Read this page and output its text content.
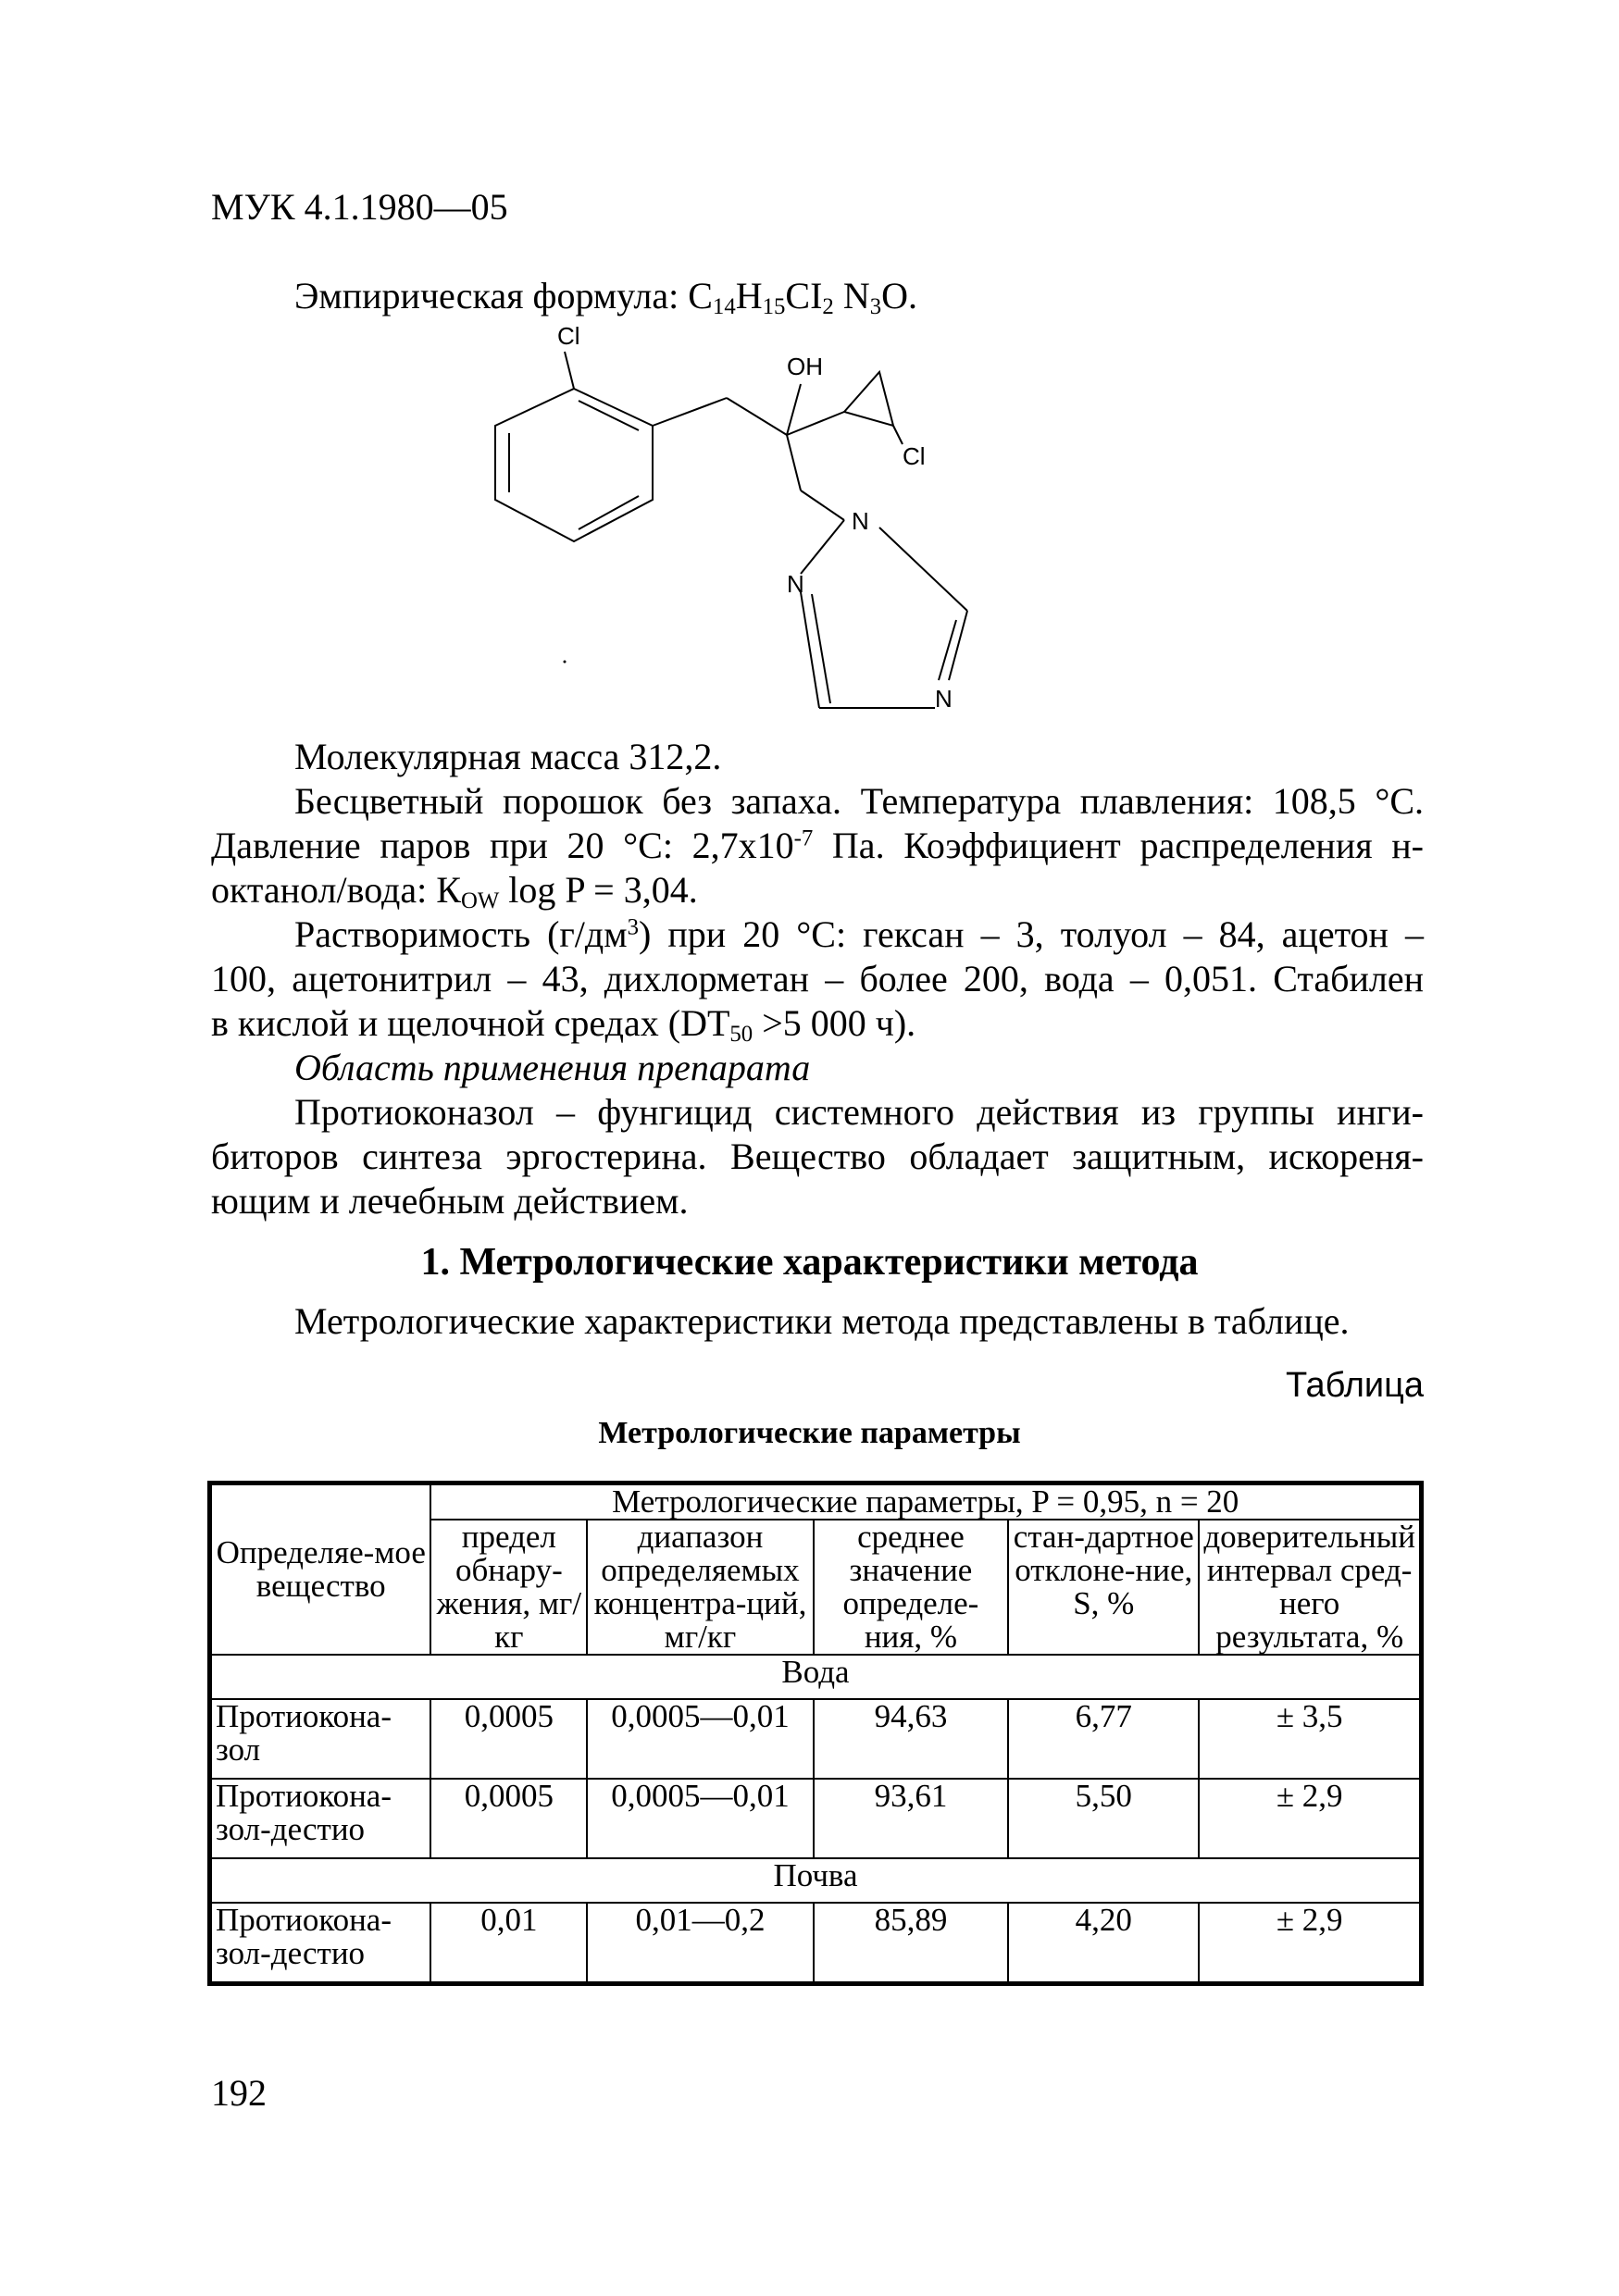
МУК 4.1.1980—05
Эмпирическая формула: $C_{14}H_{15}CI_2$ $N_3O$.
Cl
OH
Cl
N
N
N
Молекулярная масса 312,2.
Бесцветный порошок без запаха. Температура плавления: 108,5 °С.
Давление паров при 20 °С: $2,7х10^{-7}$ Па. Коэффициент распределения н-
октанол/вода: $К_{OW}$ log P = 3,04.
Растворимость $(г/дм^3)$ при 20 °С: гексан – 3, толуол – 84, ацетон –
100, ацетонитрил – 43, дихлорметан – более 200, вода – 0,051. Стабилен
в кислой и щелочной средах ($DT_{50} >5$ 000 ч).
Область применения препарата
Протиоконазол – фунгицид системного действия из группы инги-
биторов синтеза эргостерина. Вещество обладает защитным, искореня-
ющим и лечебным действием.
1. Метрологические характеристики метода
Метрологические характеристики метода представлены в таблице.
Таблица
Метрологические параметры
Определяе-мое вещество	Метрологические параметры, P = 0,95, n = 20				
	предел обнару-жения, мг/кг	диапазон определяемых концентра-ций, мг/кг	среднее значение определе-ния, %	стан-дартное отклоне-ние, S, %	доверительный интервал сред-него результата, %
Вода					
Протиокона-зол	0,0005	0,0005—0,01	94,63	6,77	± 3,5
Протиокона-зол-дестио	0,0005	0,0005—0,01	93,61	5,50	± 2,9
Почва					
Протиокона-зол-дестио	0,01	0,01—0,2	85,89	4,20	± 2,9
192
